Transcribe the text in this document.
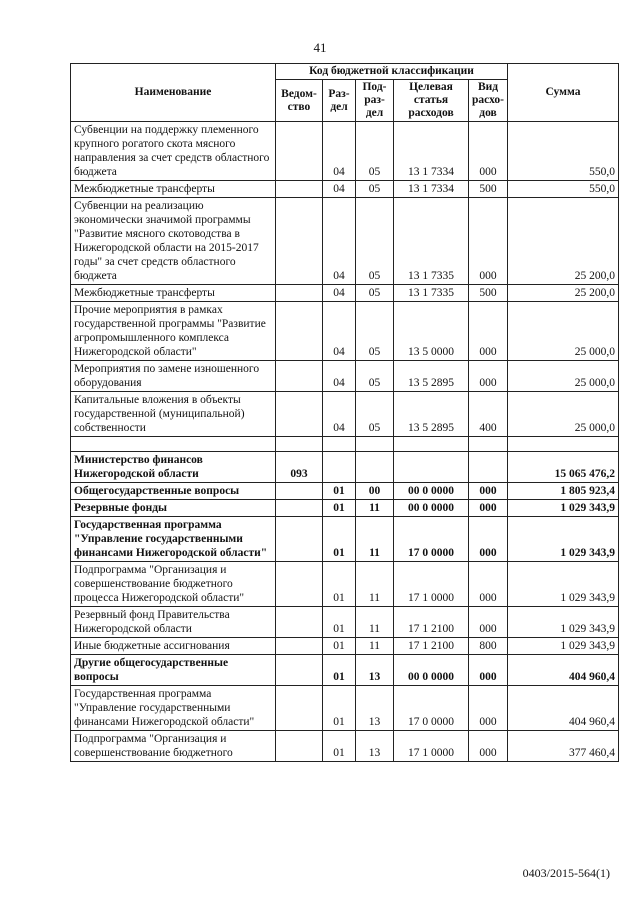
41
Наименование	Код бюджетной классификации					Сумма
	Ведом-ство	Раз-дел	Под-раз-дел	Целевая статья расходов	Вид расхо-дов	
Субвенции на поддержку племенного крупного рогатого скота мясного направления за счет средств областного бюджета		04	05	13 1 7334	000	550,0
Межбюджетные трансферты		04	05	13 1 7334	500	550,0
Субвенции на реализацию экономически значимой программы "Развитие мясного скотоводства в Нижегородской области на 2015-2017 годы" за счет средств областного бюджета		04	05	13 1 7335	000	25 200,0
Межбюджетные трансферты		04	05	13 1 7335	500	25 200,0
Прочие мероприятия в рамках государственной программы "Развитие агропромышленного комплекса Нижегородской области"		04	05	13 5 0000	000	25 000,0
Мероприятия по замене изношенного оборудования		04	05	13 5 2895	000	25 000,0
Капитальные вложения в объекты государственной (муниципальной) собственности		04	05	13 5 2895	400	25 000,0

Министерство финансов Нижегородской области	093					15 065 476,2
Общегосударственные вопросы		01	00	00 0 0000	000	1 805 923,4
Резервные фонды		01	11	00 0 0000	000	1 029 343,9
Государственная программа "Управление государственными финансами Нижегородской области"		01	11	17 0 0000	000	1 029 343,9
Подпрограмма "Организация и совершенствование бюджетного процесса Нижегородской области"		01	11	17 1 0000	000	1 029 343,9
Резервный фонд Правительства Нижегородской области		01	11	17 1 2100	000	1 029 343,9
Иные бюджетные ассигнования		01	11	17 1 2100	800	1 029 343,9
Другие общегосударственные вопросы		01	13	00 0 0000	000	404 960,4
Государственная программа "Управление государственными финансами Нижегородской области"		01	13	17 0 0000	000	404 960,4
Подпрограмма "Организация и совершенствование бюджетного		01	13	17 1 0000	000	377 460,4
0403/2015-564(1)
